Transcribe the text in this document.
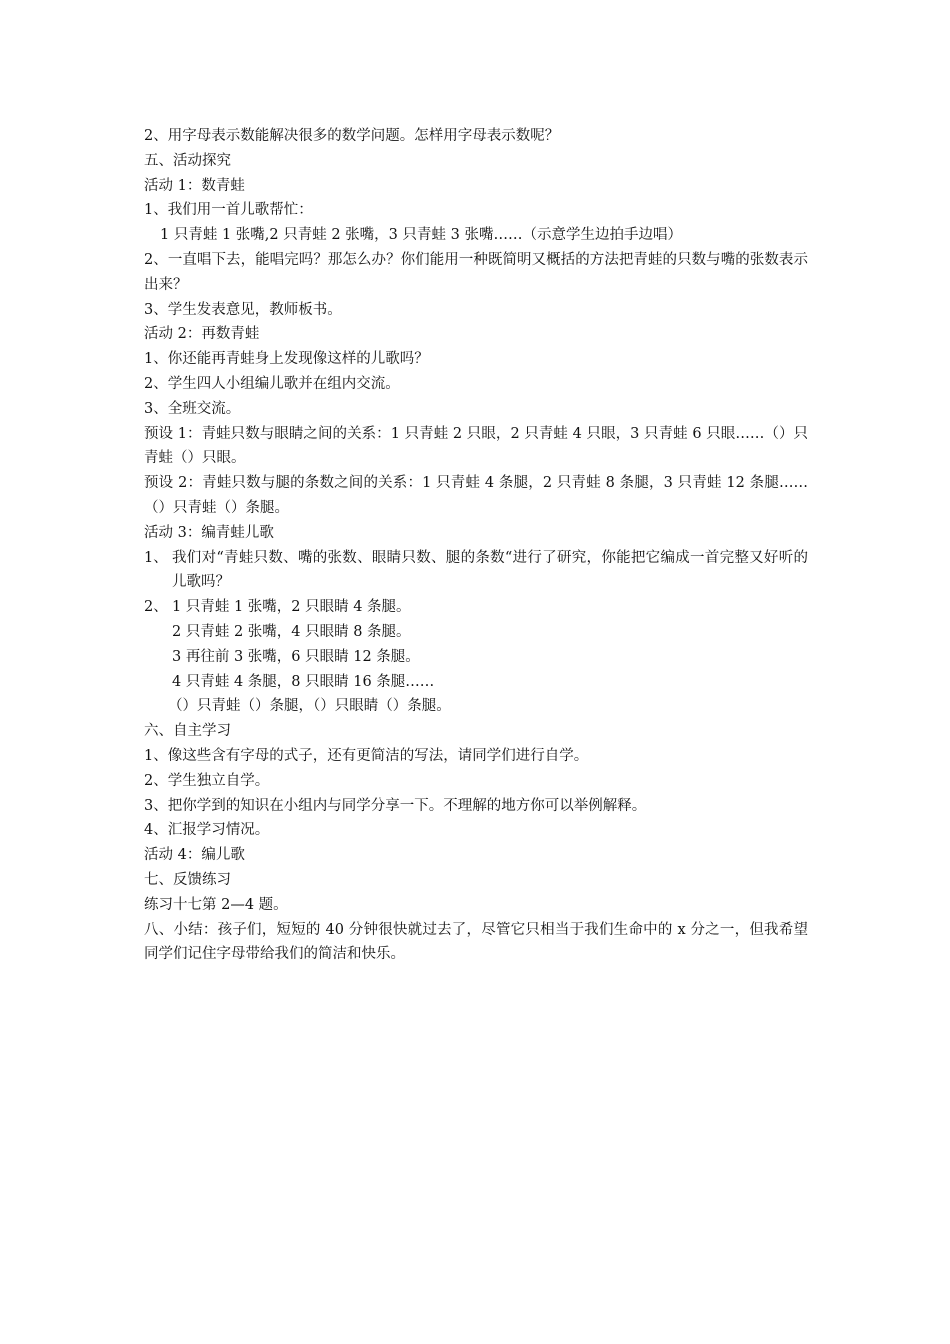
2、用字母表示数能解决很多的数学问题。怎样用字母表示数呢？

五、活动探究

活动 1：数青蛙

1、我们用一首儿歌帮忙：

1 只青蛙 1 张嘴,2 只青蛙 2 张嘴，3 只青蛙 3 张嘴……（示意学生边拍手边唱）

2、一直唱下去，能唱完吗？那怎么办？你们能用一种既简明又概括的方法把青蛙的只数与嘴的张数表示出来？

3、学生发表意见，教师板书。

活动 2：再数青蛙

1、你还能再青蛙身上发现像这样的儿歌吗？

2、学生四人小组编儿歌并在组内交流。

3、全班交流。

预设 1：青蛙只数与眼睛之间的关系：1 只青蛙 2 只眼，2 只青蛙 4 只眼，3 只青蛙 6 只眼……（）只青蛙（）只眼。

预设 2：青蛙只数与腿的条数之间的关系：1 只青蛙 4 条腿，2 只青蛙 8 条腿，3 只青蛙 12 条腿……（）只青蛙（）条腿。

活动 3：编青蛙儿歌

1、 我们对“青蛙只数、嘴的张数、眼睛只数、腿的条数“进行了研究，你能把它编成一首完整又好听的儿歌吗？
2、 1 只青蛙 1 张嘴，2 只眼睛 4 条腿。

2 只青蛙 2 张嘴，4 只眼睛 8 条腿。

3 再往前 3 张嘴，6 只眼睛 12 条腿。

4 只青蛙 4 条腿，8 只眼睛 16 条腿……

（）只青蛙（）条腿，（）只眼睛（）条腿。

六、自主学习

1、像这些含有字母的式子，还有更简洁的写法，请同学们进行自学。

2、学生独立自学。

3、把你学到的知识在小组内与同学分享一下。不理解的地方你可以举例解释。

4、汇报学习情况。

活动 4：编儿歌

七、反馈练习

练习十七第 2—4 题。

八、小结：孩子们，短短的 40 分钟很快就过去了，尽管它只相当于我们生命中的 x 分之一，但我希望同学们记住字母带给我们的简洁和快乐。
